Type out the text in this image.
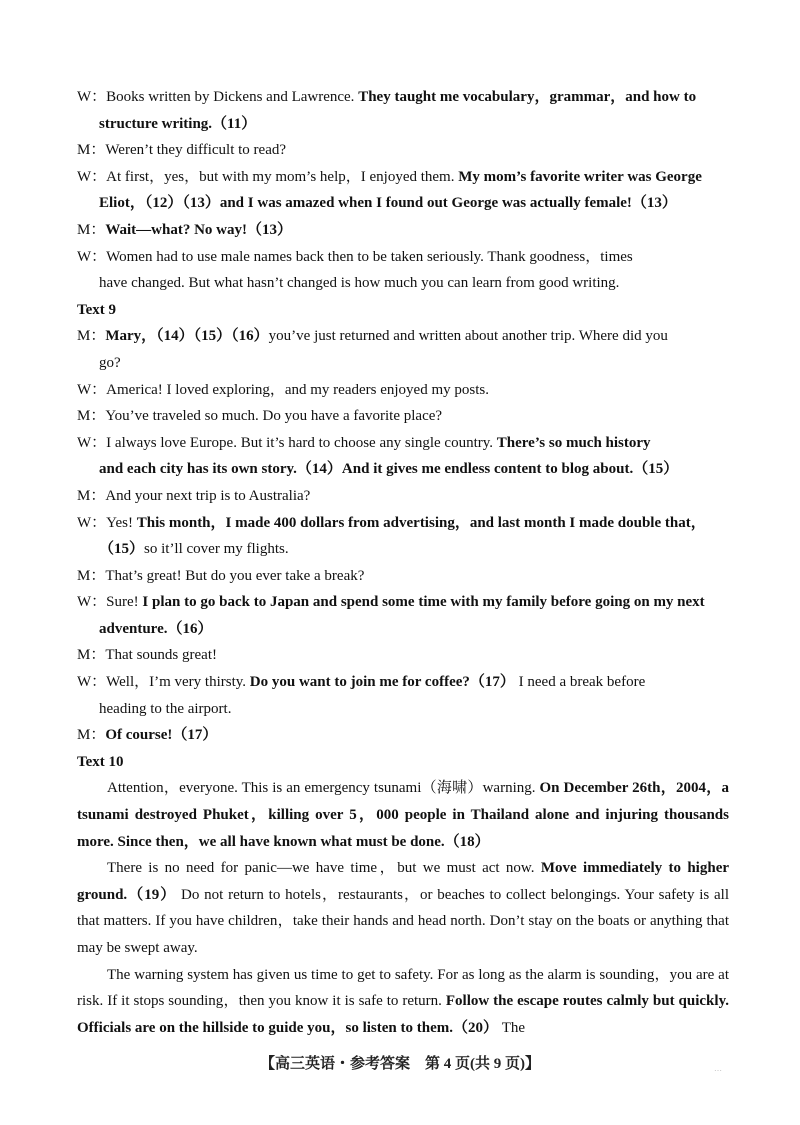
W：Books written by Dickens and Lawrence. They taught me vocabulary，grammar，and how to

structure writing.（11）

M：Weren’t they difficult to read?

W：At first，yes，but with my mom’s help，I enjoyed them. My mom’s favorite writer was George

Eliot，（12）（13）and I was amazed when I found out George was actually female!（13）

M：Wait—what? No way!（13）

W：Women had to use male names back then to be taken seriously. Thank goodness，times

have changed. But what hasn’t changed is how much you can learn from good writing.

Text 9

M：Mary，（14）（15）（16）you’ve just returned and written about another trip. Where did you

go?

W：America! I loved exploring，and my readers enjoyed my posts.

M：You’ve traveled so much. Do you have a favorite place?

W：I always love Europe. But it’s hard to choose any single country. There’s so much history

and each city has its own story.（14）And it gives me endless content to blog about.（15）

M：And your next trip is to Australia?

W：Yes! This month，I made 400 dollars from advertising，and last month I made double that，

（15）so it’ll cover my flights.

M：That’s great! But do you ever take a break?

W：Sure! I plan to go back to Japan and spend some time with my family before going on my next

adventure.（16）

M：That sounds great!

W：Well，I’m very thirsty. Do you want to join me for coffee?（17） I need a break before

heading to the airport.

M：Of course!（17）

Text 10

Attention，everyone. This is an emergency tsunami（海啸）warning. On December 26th，2004，a tsunami destroyed Phuket，killing over 5，000 people in Thailand alone and injuring thousands more. Since then，we all have known what must be done.（18）

There is no need for panic—we have time，but we must act now. Move immediately to higher ground.（19） Do not return to hotels，restaurants，or beaches to collect belongings. Your safety is all that matters. If you have children，take their hands and head north. Don’t stay on the boats or anything that may be swept away.

The warning system has given us time to get to safety. For as long as the alarm is sounding，you are at risk. If it stops sounding，then you know it is safe to return. Follow the escape routes calmly but quickly. Officials are on the hillside to guide you，so listen to them.（20） The

【高三英语・参考答案　第 4 页(共 9 页)】	…
